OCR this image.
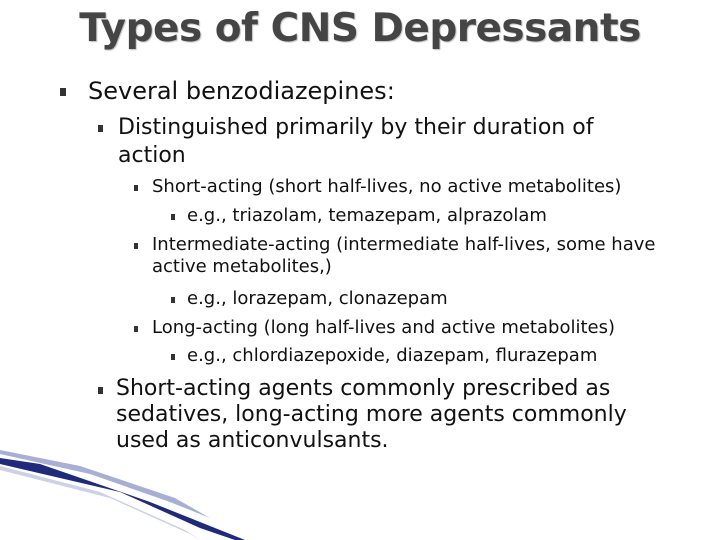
Types of CNS Depressants
Several benzodiazepines:
Distinguished primarily by their duration of action
Short-acting (short half-lives, no active metabolites)
e.g., triazolam, temazepam, alprazolam
Intermediate-acting (intermediate half-lives, some have active metabolites,)
e.g., lorazepam, clonazepam
Long-acting (long half-lives and active metabolites)
e.g., chlordiazepoxide, diazepam, flurazepam
Short-acting agents commonly prescribed as sedatives, long-acting more agents commonly used as anticonvulsants.
